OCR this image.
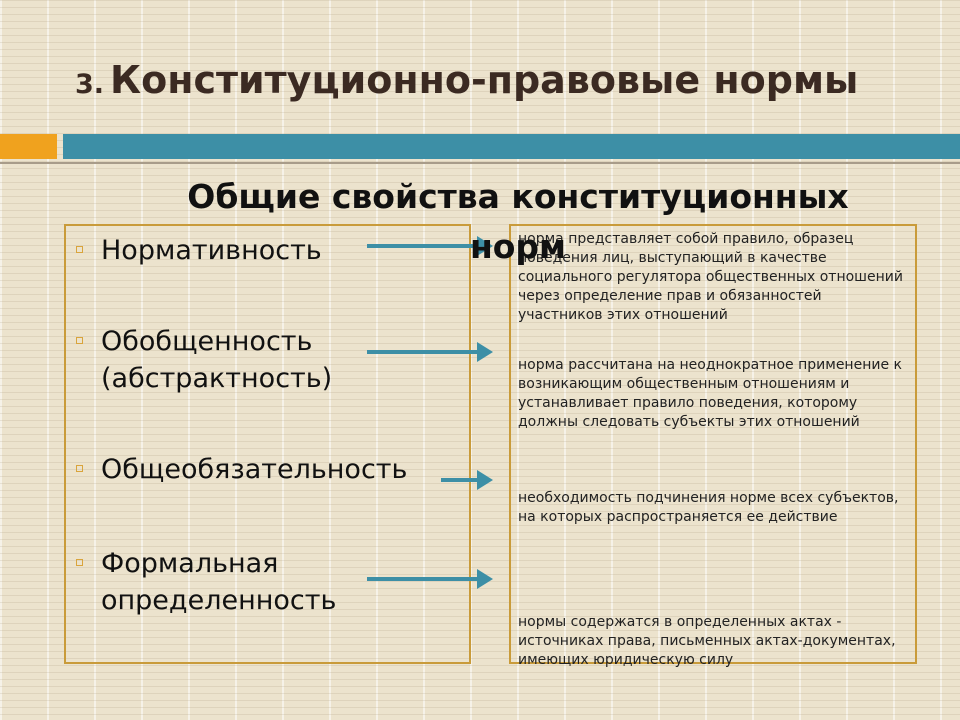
3. Конституционно-правовые нормы
Нормативность
Обобщенность
(абстрактность)
Общеобязательность
Формальная
определенность
норма представляет собой правило, образец поведения лиц, выступающий в качестве социального регулятора общественных отношений через определение прав и обязанностей участников этих отношений
норма рассчитана на неоднократное применение к возникающим общественным отношениям и устанавливает правило поведения, которому должны следовать субъекты этих отношений
необходимость подчинения норме всех субъектов, на которых распространяется ее действие
нормы содержатся в определенных актах - источниках права, письменных актах-документах, имеющих юридическую силу
Общие свойства конституционных норм
